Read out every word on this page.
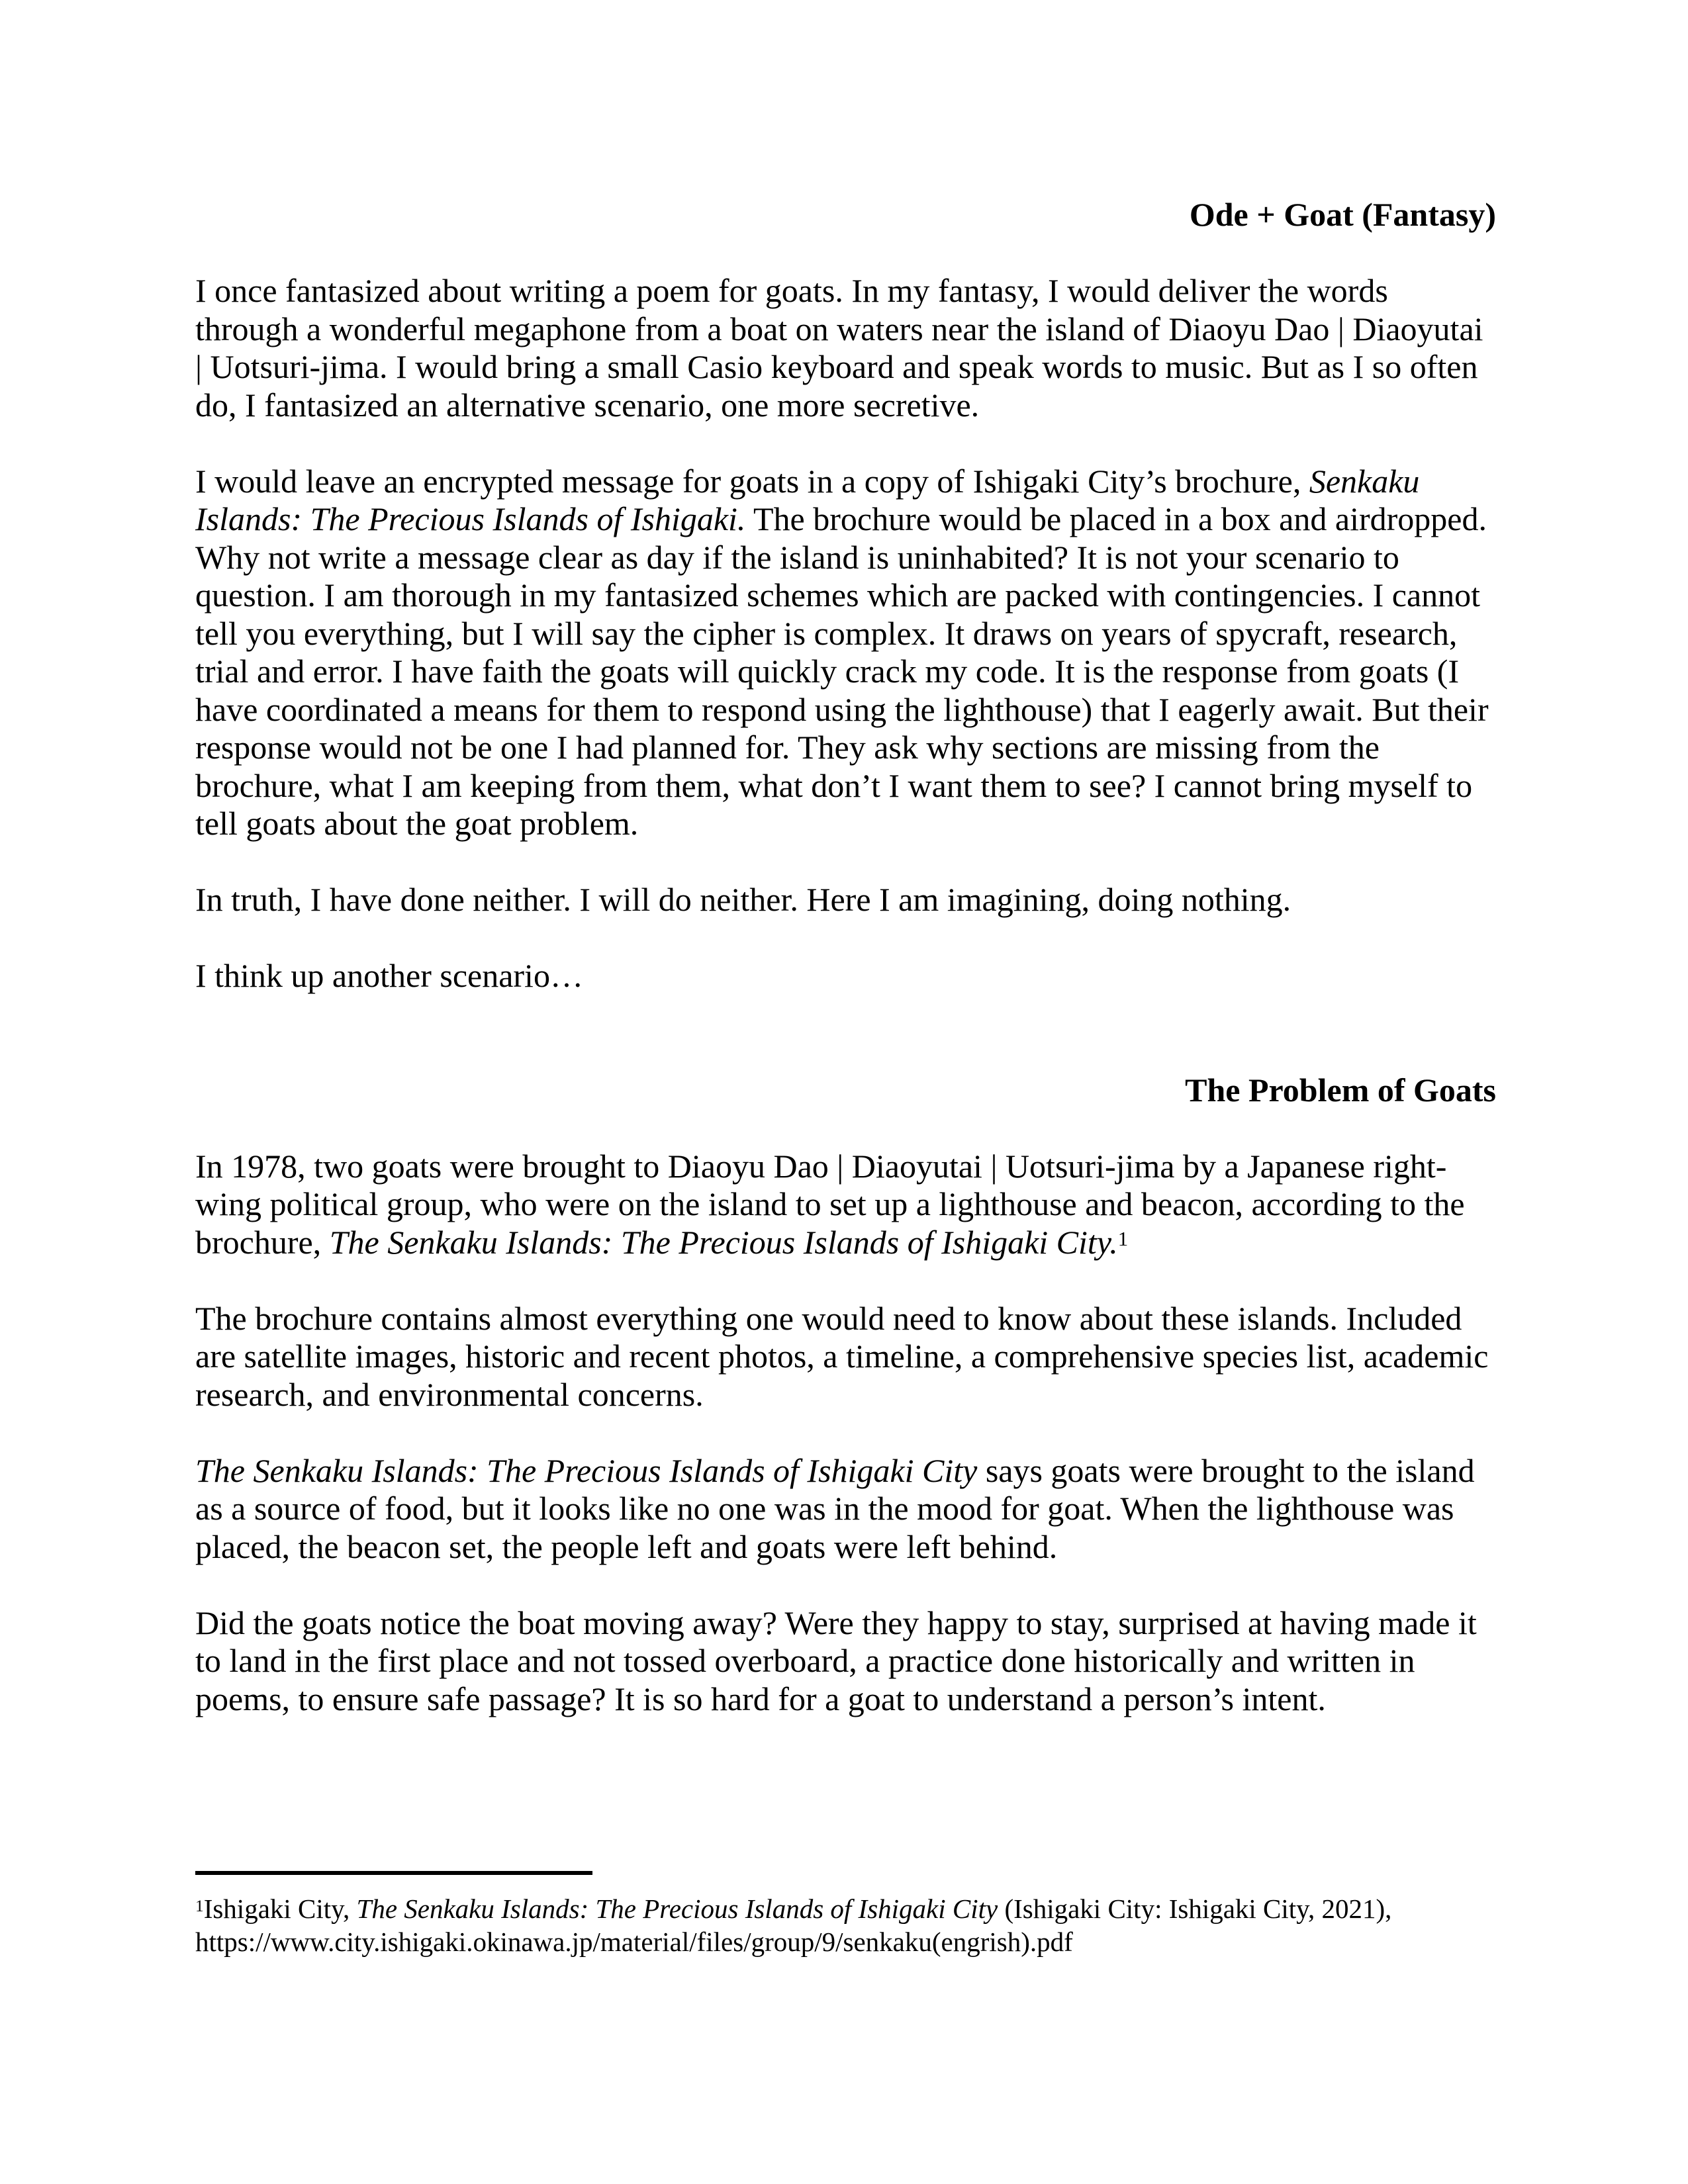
Ode + Goat (Fantasy)
I once fantasized about writing a poem for goats. In my fantasy, I would deliver the words through a wonderful megaphone from a boat on waters near the island of Diaoyu Dao | Diaoyutai | Uotsuri-jima. I would bring a small Casio keyboard and speak words to music. But as I so often do, I fantasized an alternative scenario, one more secretive.
I would leave an encrypted message for goats in a copy of Ishigaki City’s brochure, Senkaku Islands: The Precious Islands of Ishigaki. The brochure would be placed in a box and airdropped. Why not write a message clear as day if the island is uninhabited? It is not your scenario to question. I am thorough in my fantasized schemes which are packed with contingencies. I cannot tell you everything, but I will say the cipher is complex. It draws on years of spycraft, research, trial and error. I have faith the goats will quickly crack my code. It is the response from goats (I have coordinated a means for them to respond using the lighthouse) that I eagerly await. But their response would not be one I had planned for. They ask why sections are missing from the brochure, what I am keeping from them, what don’t I want them to see? I cannot bring myself to tell goats about the goat problem.
In truth, I have done neither. I will do neither. Here I am imagining, doing nothing.
I think up another scenario…
The Problem of Goats
In 1978, two goats were brought to Diaoyu Dao | Diaoyutai | Uotsuri-jima by a Japanese right-wing political group, who were on the island to set up a lighthouse and beacon, according to the brochure, The Senkaku Islands: The Precious Islands of Ishigaki City.$^1$
The brochure contains almost everything one would need to know about these islands. Included are satellite images, historic and recent photos, a timeline, a comprehensive species list, academic research, and environmental concerns.
The Senkaku Islands: The Precious Islands of Ishigaki City says goats were brought to the island as a source of food, but it looks like no one was in the mood for goat. When the lighthouse was placed, the beacon set, the people left and goats were left behind.
Did the goats notice the boat moving away? Were they happy to stay, surprised at having made it to land in the first place and not tossed overboard, a practice done historically and written in poems, to ensure safe passage? It is so hard for a goat to understand a person’s intent.
$^1$Ishigaki City, The Senkaku Islands: The Precious Islands of Ishigaki City (Ishigaki City: Ishigaki City, 2021), https://www.city.ishigaki.okinawa.jp/material/files/group/9/senkaku(engrish).pdf
